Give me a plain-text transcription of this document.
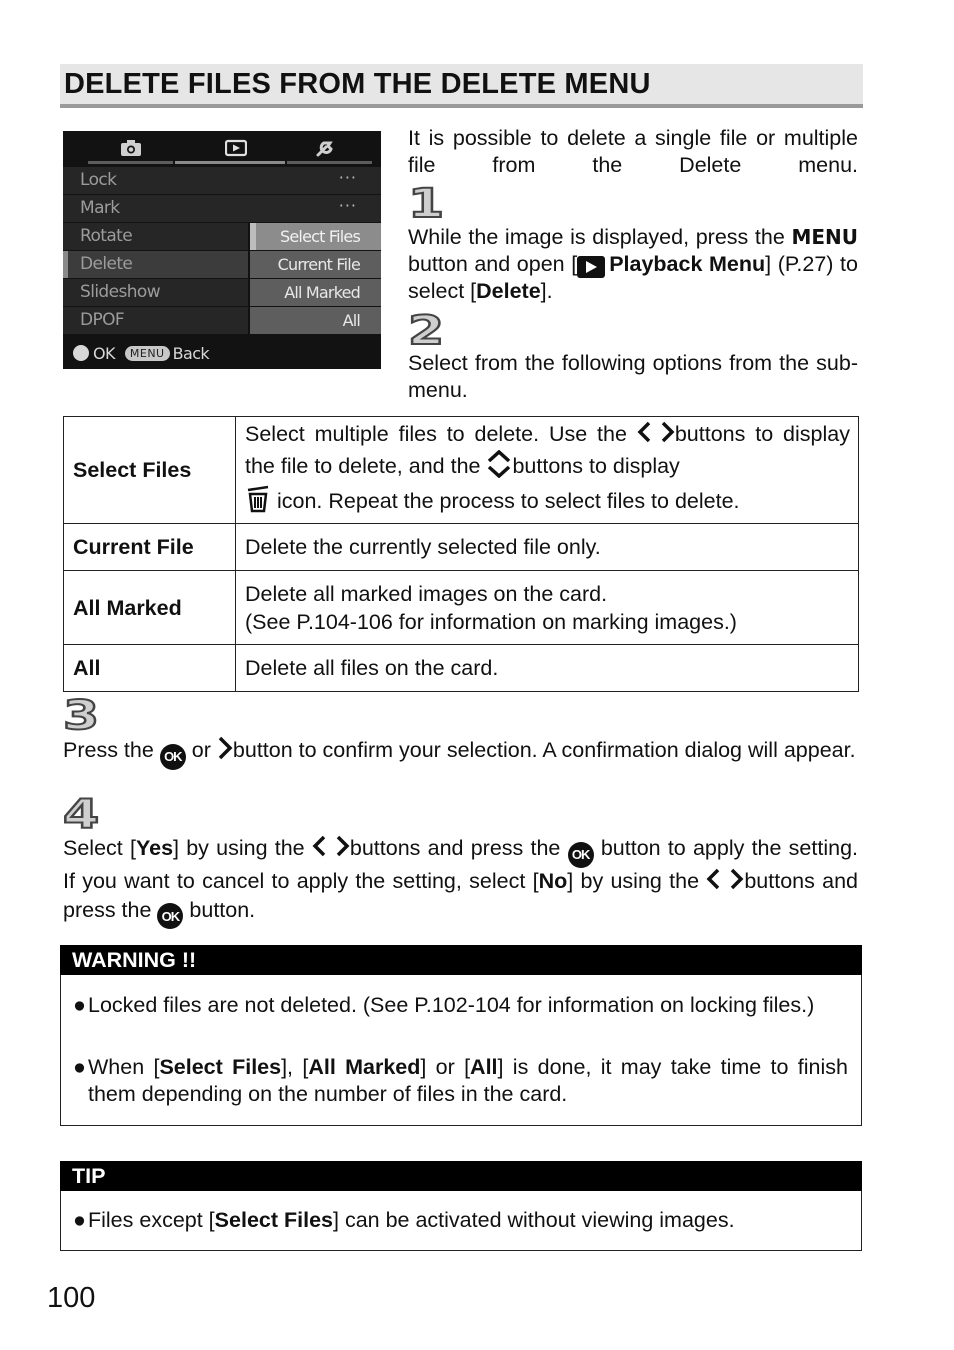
DELETE FILES FROM THE DELETE MENU
Lock	···
Mark	···
Rotate	Select Files
Delete	Current File
Slideshow	All Marked
DPOF	All
OK	MENU Back
It is possible to delete a single file or multiple file from the Delete menu.
1
While the image is displayed, press the MENU button and open [ Playback Menu] (P.27) to select [Delete].
2
Select from the following options from the sub-menu.
Select Files	Select multiple files to delete. Use the buttons to display the file to delete, and the buttons to display
icon. Repeat the process to select files to delete.
Current File	Delete the currently selected file only.
All Marked	Delete all marked images on the card.
(See P.104-106 for information on marking images.)
All	Delete all files on the card.
3
Press the OK or button to confirm your selection. A confirmation dialog will appear.
4
Select [Yes] by using the buttons and press the OK button to apply the setting. If you want to cancel to apply the setting, select [No] by using the buttons and press the OK button.
WARNING !!
● Locked files are not deleted. (See P.102-104 for information on locking files.)
● When [Select Files], [All Marked] or [All] is done, it may take time to finish them depending on the number of files in the card.
TIP
● Files except [Select Files] can be activated without viewing images.
100
